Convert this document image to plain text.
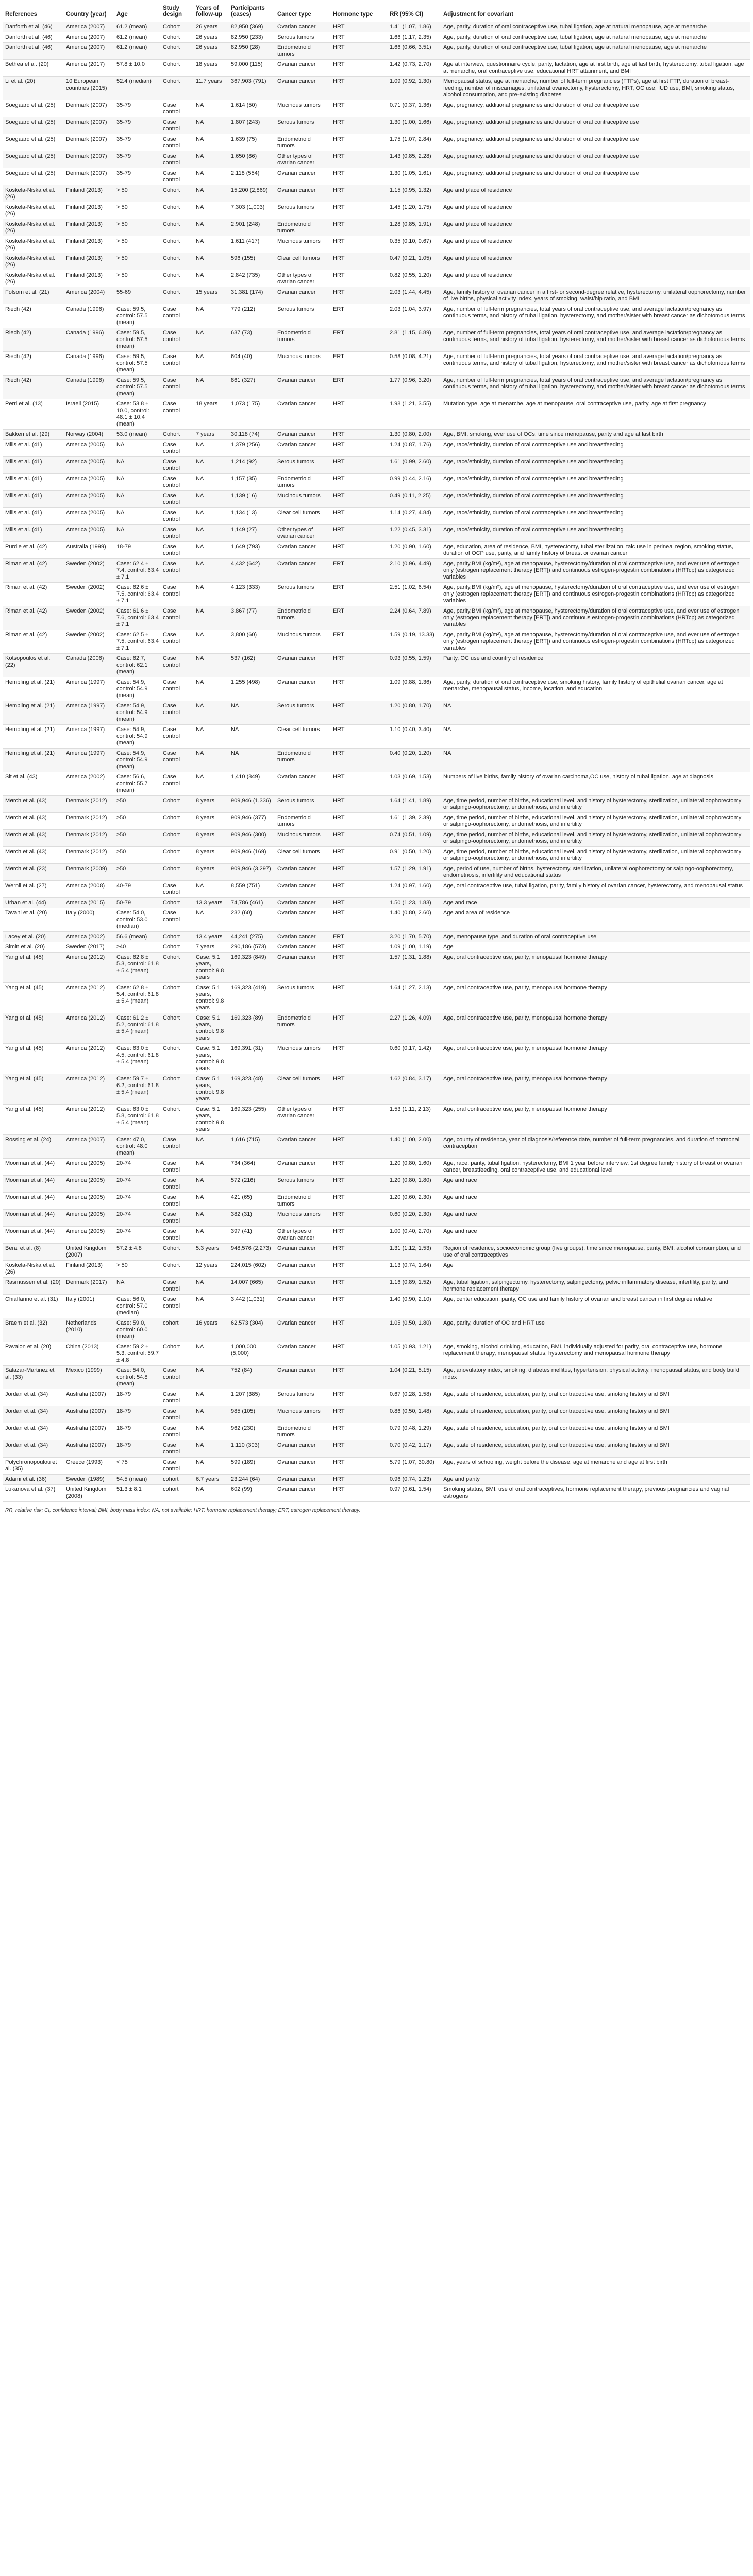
References	Country (year)	Age	Study design	Years of follow-up	Participants (cases)	Cancer type	Hormone type	RR (95% CI)	Adjustment for covariant
Danforth et al. (46)	America (2007)	61.2 (mean)	Cohort	26 years	82,950 (369)	Ovarian cancer	HRT	1.41 (1.07, 1.86)	Age, parity, duration of oral contraceptive use, tubal ligation, age at natural menopause, age at menarche
Danforth et al. (46)	America (2007)	61.2 (mean)	Cohort	26 years	82,950 (233)	Serous tumors	HRT	1.66 (1.17, 2.35)	Age, parity, duration of oral contraceptive use, tubal ligation, age at natural menopause, age at menarche
Danforth et al. (46)	America (2007)	61.2 (mean)	Cohort	26 years	82,950 (28)	Endometrioid tumors	HRT	1.66 (0.66, 3.51)	Age, parity, duration of oral contraceptive use, tubal ligation, age at natural menopause, age at menarche
Bethea et al. (20)	America (2017)	57.8 ± 10.0	Cohort	18 years	59,000 (115)	Ovarian cancer	HRT	1.42 (0.73, 2.70)	Age at interview, questionnaire cycle, parity, lactation, age at first birth, age at last birth, hysterectomy, tubal ligation, age at menarche, oral contraceptive use, educational HRT attainment, and BMI
Li et al. (20)	10 European countries (2015)	52.4 (median)	Cohort	11.7 years	367,903 (791)	Ovarian cancer	HRT	1.09 (0.92, 1.30)	Menopausal status, age at menarche, number of full-term pregnancies (FTPs), age at first FTP, duration of breast-feeding, number of miscarriages, unilateral ovariectomy, hysterectomy, HRT, OC use, IUD use, BMI, smoking status, alcohol consumption, and pre-existing diabetes
Soegaard et al. (25)	Denmark (2007)	35-79	Case control	NA	1,614 (50)	Mucinous tumors	HRT	0.71 (0.37, 1.36)	Age, pregnancy, additional pregnancies and duration of oral contraceptive use
Soegaard et al. (25)	Denmark (2007)	35-79	Case control	NA	1,807 (243)	Serous tumors	HRT	1.30 (1.00, 1.66)	Age, pregnancy, additional pregnancies and duration of oral contraceptive use
Soegaard et al. (25)	Denmark (2007)	35-79	Case control	NA	1,639 (75)	Endometrioid tumors	HRT	1.75 (1.07, 2.84)	Age, pregnancy, additional pregnancies and duration of oral contraceptive use
Soegaard et al. (25)	Denmark (2007)	35-79	Case control	NA	1,650 (86)	Other types of ovarian cancer	HRT	1.43 (0.85, 2.28)	Age, pregnancy, additional pregnancies and duration of oral contraceptive use
Soegaard et al. (25)	Denmark (2007)	35-79	Case control	NA	2,118 (554)	Ovarian cancer	HRT	1.30 (1.05, 1.61)	Age, pregnancy, additional pregnancies and duration of oral contraceptive use
Koskela-Niska et al. (26)	Finland (2013)	> 50	Cohort	NA	15,200 (2,869)	Ovarian cancer	HRT	1.15 (0.95, 1.32)	Age and place of residence
Koskela-Niska et al. (26)	Finland (2013)	> 50	Cohort	NA	7,303 (1,003)	Serous tumors	HRT	1.45 (1.20, 1.75)	Age and place of residence
Koskela-Niska et al. (26)	Finland (2013)	> 50	Cohort	NA	2,901 (248)	Endometrioid tumors	HRT	1.28 (0.85, 1.91)	Age and place of residence
Koskela-Niska et al. (26)	Finland (2013)	> 50	Cohort	NA	1,611 (417)	Mucinous tumors	HRT	0.35 (0.10, 0.67)	Age and place of residence
Koskela-Niska et al. (26)	Finland (2013)	> 50	Cohort	NA	596 (155)	Clear cell tumors	HRT	0.47 (0.21, 1.05)	Age and place of residence
Koskela-Niska et al. (26)	Finland (2013)	> 50	Cohort	NA	2,842 (735)	Other types of ovarian cancer	HRT	0.82 (0.55, 1.20)	Age and place of residence
Folsom et al. (21)	America (2004)	55-69	Cohort	15 years	31,381 (174)	Ovarian cancer	HRT	2.03 (1.44, 4.45)	Age, family history of ovarian cancer in a first- or second-degree relative, hysterectomy, unilateral oophorectomy, number of live births, physical activity index, years of smoking, waist/hip ratio, and BMI
Riech (42)	Canada (1996)	Case: 59.5, control: 57.5 (mean)	Case control	NA	779 (212)	Serous tumors	ERT	2.03 (1.04, 3.97)	Age, number of full-term pregnancies, total years of oral contraceptive use, and average lactation/pregnancy as continuous terms, and history of tubal ligation, hysterectomy, and mother/sister with breast cancer as dichotomous terms
Riech (42)	Canada (1996)	Case: 59.5, control: 57.5 (mean)	Case control	NA	637 (73)	Endometrioid tumors	ERT	2.81 (1.15, 6.89)	Age, number of full-term pregnancies, total years of oral contraceptive use, and average lactation/pregnancy as continuous terms, and history of tubal ligation, hysterectomy, and mother/sister with breast cancer as dichotomous terms
Riech (42)	Canada (1996)	Case: 59.5, control: 57.5 (mean)	Case control	NA	604 (40)	Mucinous tumors	ERT	0.58 (0.08, 4.21)	Age, number of full-term pregnancies, total years of oral contraceptive use, and average lactation/pregnancy as continuous terms, and history of tubal ligation, hysterectomy, and mother/sister with breast cancer as dichotomous terms
Riech (42)	Canada (1996)	Case: 59.5, control: 57.5 (mean)	Case control	NA	861 (327)	Ovarian cancer	ERT	1.77 (0.96, 3.20)	Age, number of full-term pregnancies, total years of oral contraceptive use, and average lactation/pregnancy as continuous terms, and history of tubal ligation, hysterectomy, and mother/sister with breast cancer as dichotomous terms
Perri et al. (13)	Israeli (2015)	Case: 53.8 ± 10.0, control: 48.1 ± 10.4 (mean)	Case control	18 years	1,073 (175)	Ovarian cancer	HRT	1.98 (1.21, 3.55)	Mutation type, age at menarche, age at menopause, oral contraceptive use, parity, age at first pregnancy
Bakken et al. (29)	Norway (2004)	53.0 (mean)	Cohort	7 years	30,118 (74)	Ovarian cancer	HRT	1.30 (0.80, 2.00)	Age, BMI, smoking, ever use of OCs, time since menopause, parity and age at last birth
Mills et al. (41)	America (2005)	NA	Case control	NA	1,379 (256)	Ovarian cancer	HRT	1.24 (0.87, 1.76)	Age, race/ethnicity, duration of oral contraceptive use and breastfeeding
Mills et al. (41)	America (2005)	NA	Case control	NA	1,214 (92)	Serous tumors	HRT	1.61 (0.99, 2.60)	Age, race/ethnicity, duration of oral contraceptive use and breastfeeding
Mills et al. (41)	America (2005)	NA	Case control	NA	1,157 (35)	Endometrioid tumors	HRT	0.99 (0.44, 2.16)	Age, race/ethnicity, duration of oral contraceptive use and breastfeeding
Mills et al. (41)	America (2005)	NA	Case control	NA	1,139 (16)	Mucinous tumors	HRT	0.49 (0.11, 2.25)	Age, race/ethnicity, duration of oral contraceptive use and breastfeeding
Mills et al. (41)	America (2005)	NA	Case control	NA	1,134 (13)	Clear cell tumors	HRT	1.14 (0.27, 4.84)	Age, race/ethnicity, duration of oral contraceptive use and breastfeeding
Mills et al. (41)	America (2005)	NA	Case control	NA	1,149 (27)	Other types of ovarian cancer	HRT	1.22 (0.45, 3.31)	Age, race/ethnicity, duration of oral contraceptive use and breastfeeding
Purdie et al. (42)	Australia (1999)	18-79	Case control	NA	1,649 (793)	Ovarian cancer	HRT	1.20 (0.90, 1.60)	Age, education, area of residence, BMI, hysterectomy, tubal sterilization, talc use in perineal region, smoking status, duration of OCP use, parity, and family history of breast or ovarian cancer
Riman et al. (42)	Sweden (2002)	Case: 62.4 ± 7.4, control: 63.4 ± 7.1	Case control	NA	4,432 (642)	Ovarian cancer	ERT	2.10 (0.96, 4.49)	Age, parity,BMI (kg/m²), age at menopause, hysterectomy/duration of oral contraceptive use, and ever use of estrogen only (estrogen replacement therapy [ERT]) and continuous estrogen-progestin combinations (HRTcp) as categorized variables
Riman et al. (42)	Sweden (2002)	Case: 62.6 ± 7.5, control: 63.4 ± 7.1	Case control	NA	4,123 (333)	Serous tumors	ERT	2.51 (1.02, 6.54)	Age, parity,BMI (kg/m²), age at menopause, hysterectomy/duration of oral contraceptive use, and ever use of estrogen only (estrogen replacement therapy [ERT]) and continuous estrogen-progestin combinations (HRTcp) as categorized variables
Riman et al. (42)	Sweden (2002)	Case: 61.6 ± 7.6, control: 63.4 ± 7.1	Case control	NA	3,867 (77)	Endometrioid tumors	ERT	2.24 (0.64, 7.89)	Age, parity,BMI (kg/m²), age at menopause, hysterectomy/duration of oral contraceptive use, and ever use of estrogen only (estrogen replacement therapy [ERT]) and continuous estrogen-progestin combinations (HRTcp) as categorized variables
Riman et al. (42)	Sweden (2002)	Case: 62.5 ± 7.5, control: 63.4 ± 7.1	Case control	NA	3,800 (60)	Mucinous tumors	ERT	1.59 (0.19, 13.33)	Age, parity,BMI (kg/m²), age at menopause, hysterectomy/duration of oral contraceptive use, and ever use of estrogen only (estrogen replacement therapy [ERT]) and continuous estrogen-progestin combinations (HRTcp) as categorized variables
Kotsopoulos et al. (22)	Canada (2006)	Case: 62.7, control: 62.1 (mean)	Case control	NA	537 (162)	Ovarian cancer	HRT	0.93 (0.55, 1.59)	Parity, OC use and country of residence
Hempling et al. (21)	America (1997)	Case: 54.9, control: 54.9 (mean)	Case control	NA	1,255 (498)	Ovarian cancer	HRT	1.09 (0.88, 1.36)	Age, parity, duration of oral contraceptive use, smoking history, family history of epithelial ovarian cancer, age at menarche, menopausal status, income, location, and education
Hempling et al. (21)	America (1997)	Case: 54.9, control: 54.9 (mean)	Case control	NA	NA	Serous tumors	HRT	1.20 (0.80, 1.70)	NA
Hempling et al. (21)	America (1997)	Case: 54.9, control: 54.9 (mean)	Case control	NA	NA	Clear cell tumors	HRT	1.10 (0.40, 3.40)	NA
Hempling et al. (21)	America (1997)	Case: 54.9, control: 54.9 (mean)	Case control	NA	NA	Endometrioid tumors	HRT	0.40 (0.20, 1.20)	NA
Sit et al. (43)	America (2002)	Case: 56.6, control: 55.7 (mean)	Case control	NA	1,410 (849)	Ovarian cancer	HRT	1.03 (0.69, 1.53)	Numbers of live births, family history of ovarian carcinoma,OC use, history of tubal ligation, age at diagnosis
Mørch et al. (43)	Denmark (2012)	≥50	Cohort	8 years	909,946 (1,336)	Serous tumors	HRT	1.64 (1.41, 1.89)	Age, time period, number of births, educational level, and history of hysterectomy, sterilization, unilateral oophorectomy or salpingo-oophorectomy, endometriosis, and infertility
Mørch et al. (43)	Denmark (2012)	≥50	Cohort	8 years	909,946 (377)	Endometrioid tumors	HRT	1.61 (1.39, 2.39)	Age, time period, number of births, educational level, and history of hysterectomy, sterilization, unilateral oophorectomy or salpingo-oophorectomy, endometriosis, and infertility
Mørch et al. (43)	Denmark (2012)	≥50	Cohort	8 years	909,946 (300)	Mucinous tumors	HRT	0.74 (0.51, 1.09)	Age, time period, number of births, educational level, and history of hysterectomy, sterilization, unilateral oophorectomy or salpingo-oophorectomy, endometriosis, and infertility
Mørch et al. (43)	Denmark (2012)	≥50	Cohort	8 years	909,946 (169)	Clear cell tumors	HRT	0.91 (0.50, 1.20)	Age, time period, number of births, educational level, and history of hysterectomy, sterilization, unilateral oophorectomy or salpingo-oophorectomy, endometriosis, and infertility
Mørch et al. (23)	Denmark (2009)	≥50	Cohort	8 years	909,946 (3,297)	Ovarian cancer	HRT	1.57 (1.29, 1.91)	Age, period of use, number of births, hysterectomy, sterilization, unilateral oophorectomy or salpingo-oophorectomy, endometriosis, infertility and educational status
Wernli et al. (27)	America (2008)	40-79	Case control	NA	8,559 (751)	Ovarian cancer	HRT	1.24 (0.97, 1.60)	Age, oral contraceptive use, tubal ligation, parity, family history of ovarian cancer, hysterectomy, and menopausal status
Urban et al. (44)	America (2015)	50-79	Cohort	13.3 years	74,786 (461)	Ovarian cancer	HRT	1.50 (1.23, 1.83)	Age and race
Tavani et al. (20)	Italy (2000)	Case: 54.0, control: 53.0 (median)	Case control	NA	232 (60)	Ovarian cancer	HRT	1.40 (0.80, 2.60)	Age and area of residence
Lacey et al. (20)	America (2002)	56.6 (mean)	Cohort	13.4 years	44,241 (275)	Ovarian cancer	ERT	3.20 (1.70, 5.70)	Age, menopause type, and duration of oral contraceptive use
Simin et al. (20)	Sweden (2017)	≥40	Cohort	7 years	290,186 (573)	Ovarian cancer	HRT	1.09 (1.00, 1.19)	Age
Yang et al. (45)	America (2012)	Case: 62.8 ± 5.3, control: 61.8 ± 5.4 (mean)	Cohort	Case: 5.1 years, control: 9.8 years	169,323 (849)	Ovarian cancer	HRT	1.57 (1.31, 1.88)	Age, oral contraceptive use, parity, menopausal hormone therapy
Yang et al. (45)	America (2012)	Case: 62.8 ± 5.4, control: 61.8 ± 5.4 (mean)	Cohort	Case: 5.1 years, control: 9.8 years	169,323 (419)	Serous tumors	HRT	1.64 (1.27, 2.13)	Age, oral contraceptive use, parity, menopausal hormone therapy
Yang et al. (45)	America (2012)	Case: 61.2 ± 5.2, control: 61.8 ± 5.4 (mean)	Cohort	Case: 5.1 years, control: 9.8 years	169,323 (89)	Endometrioid tumors	HRT	2.27 (1.26, 4.09)	Age, oral contraceptive use, parity, menopausal hormone therapy
Yang et al. (45)	America (2012)	Case: 63.0 ± 4.5, control: 61.8 ± 5.4 (mean)	Cohort	Case: 5.1 years, control: 9.8 years	169,391 (31)	Mucinous tumors	HRT	0.60 (0.17, 1.42)	Age, oral contraceptive use, parity, menopausal hormone therapy
Yang et al. (45)	America (2012)	Case: 59.7 ± 6.2, control: 61.8 ± 5.4 (mean)	Cohort	Case: 5.1 years, control: 9.8 years	169,323 (48)	Clear cell tumors	HRT	1.62 (0.84, 3.17)	Age, oral contraceptive use, parity, menopausal hormone therapy
Yang et al. (45)	America (2012)	Case: 63.0 ± 5.8, control: 61.8 ± 5.4 (mean)	Cohort	Case: 5.1 years, control: 9.8 years	169,323 (255)	Other types of ovarian cancer	HRT	1.53 (1.11, 2.13)	Age, oral contraceptive use, parity, menopausal hormone therapy
Rossing et al. (24)	America (2007)	Case: 47.0, control: 48.0 (mean)	Case control	NA	1,616 (715)	Ovarian cancer	HRT	1.40 (1.00, 2.00)	Age, county of residence, year of diagnosis/reference date, number of full-term pregnancies, and duration of hormonal contraception
Moorman et al. (44)	America (2005)	20-74	Case control	NA	734 (364)	Ovarian cancer	HRT	1.20 (0.80, 1.60)	Age, race, parity, tubal ligation, hysterectomy, BMI 1 year before interview, 1st degree family history of breast or ovarian cancer, breastfeeding, oral contraceptive use, and educational level
Moorman et al. (44)	America (2005)	20-74	Case control	NA	572 (216)	Serous tumors	HRT	1.20 (0.80, 1.80)	Age and race
Moorman et al. (44)	America (2005)	20-74	Case control	NA	421 (65)	Endometrioid tumors	HRT	1.20 (0.60, 2.30)	Age and race
Moorman et al. (44)	America (2005)	20-74	Case control	NA	382 (31)	Mucinous tumors	HRT	0.60 (0.20, 2.30)	Age and race
Moorman et al. (44)	America (2005)	20-74	Case control	NA	397 (41)	Other types of ovarian cancer	HRT	1.00 (0.40, 2.70)	Age and race
Beral et al. (8)	United Kingdom (2007)	57.2 ± 4.8	Cohort	5.3 years	948,576 (2,273)	Ovarian cancer	HRT	1.31 (1.12, 1.53)	Region of residence, socioeconomic group (five groups), time since menopause, parity, BMI, alcohol consumption, and use of oral contraceptives
Koskela-Niska et al. (26)	Finland (2013)	> 50	Cohort	12 years	224,015 (602)	Ovarian cancer	HRT	1.13 (0.74, 1.64)	Age
Rasmussen et al. (20)	Denmark (2017)	NA	Case control	NA	14,007 (665)	Ovarian cancer	HRT	1.16 (0.89, 1.52)	Age, tubal ligation, salpingectomy, hysterectomy, salpingectomy, pelvic inflammatory disease, infertility, parity, and hormone replacement therapy
Chiaffarino et al. (31)	Italy (2001)	Case: 56.0, control: 57.0 (median)	Case control	NA	3,442 (1,031)	Ovarian cancer	HRT	1.40 (0.90, 2.10)	Age, center education, parity, OC use and family history of ovarian and breast cancer in first degree relative
Braem et al. (32)	Netherlands (2010)	Case: 59.0, control: 60.0 (mean)	cohort	16 years	62,573 (304)	Ovarian cancer	HRT	1.05 (0.50, 1.80)	Age, parity, duration of OC and HRT use
Pavalon et al. (20)	China (2013)	Case: 59.2 ± 5.3, control: 59.7 ± 4.8	Cohort	NA	1,000,000 (5,000)	Ovarian cancer	HRT	1.05 (0.93, 1.21)	Age, smoking, alcohol drinking, education, BMI, individually adjusted for parity, oral contraceptive use, hormone replacement therapy, menopausal status, hysterectomy and menopausal hormone therapy
Salazar-Martinez et al. (33)	Mexico (1999)	Case: 54.0, control: 54.8 (mean)	Case control	NA	752 (84)	Ovarian cancer	HRT	1.04 (0.21, 5.15)	Age, anovulatory index, smoking, diabetes mellitus, hypertension, physical activity, menopausal status, and body build index
Jordan et al. (34)	Australia (2007)	18-79	Case control	NA	1,207 (385)	Serous tumors	HRT	0.67 (0.28, 1.58)	Age, state of residence, education, parity, oral contraceptive use, smoking history and BMI
Jordan et al. (34)	Australia (2007)	18-79	Case control	NA	985 (105)	Mucinous tumors	HRT	0.86 (0.50, 1.48)	Age, state of residence, education, parity, oral contraceptive use, smoking history and BMI
Jordan et al. (34)	Australia (2007)	18-79	Case control	NA	962 (230)	Endometrioid tumors	HRT	0.79 (0.48, 1.29)	Age, state of residence, education, parity, oral contraceptive use, smoking history and BMI
Jordan et al. (34)	Australia (2007)	18-79	Case control	NA	1,110 (303)	Ovarian cancer	HRT	0.70 (0.42, 1.17)	Age, state of residence, education, parity, oral contraceptive use, smoking history and BMI
Polychronopoulou et al. (35)	Greece (1993)	< 75	Case control	NA	599 (189)	Ovarian cancer	HRT	5.79 (1.07, 30.80)	Age, years of schooling, weight before the disease, age at menarche and age at first birth
Adami et al. (36)	Sweden (1989)	54.5 (mean)	cohort	6.7 years	23,244 (64)	Ovarian cancer	HRT	0.96 (0.74, 1.23)	Age and parity
Lukanova et al. (37)	United Kingdom (2008)	51.3 ± 8.1	cohort	NA	602 (99)	Ovarian cancer	HRT	0.97 (0.61, 1.54)	Smoking status, BMI, use of oral contraceptives, hormone replacement therapy, previous pregnancies and vaginal estrogens
RR, relative risk; CI, confidence interval; BMI, body mass index; NA, not available; HRT, hormone replacement therapy; ERT, estrogen replacement therapy.
